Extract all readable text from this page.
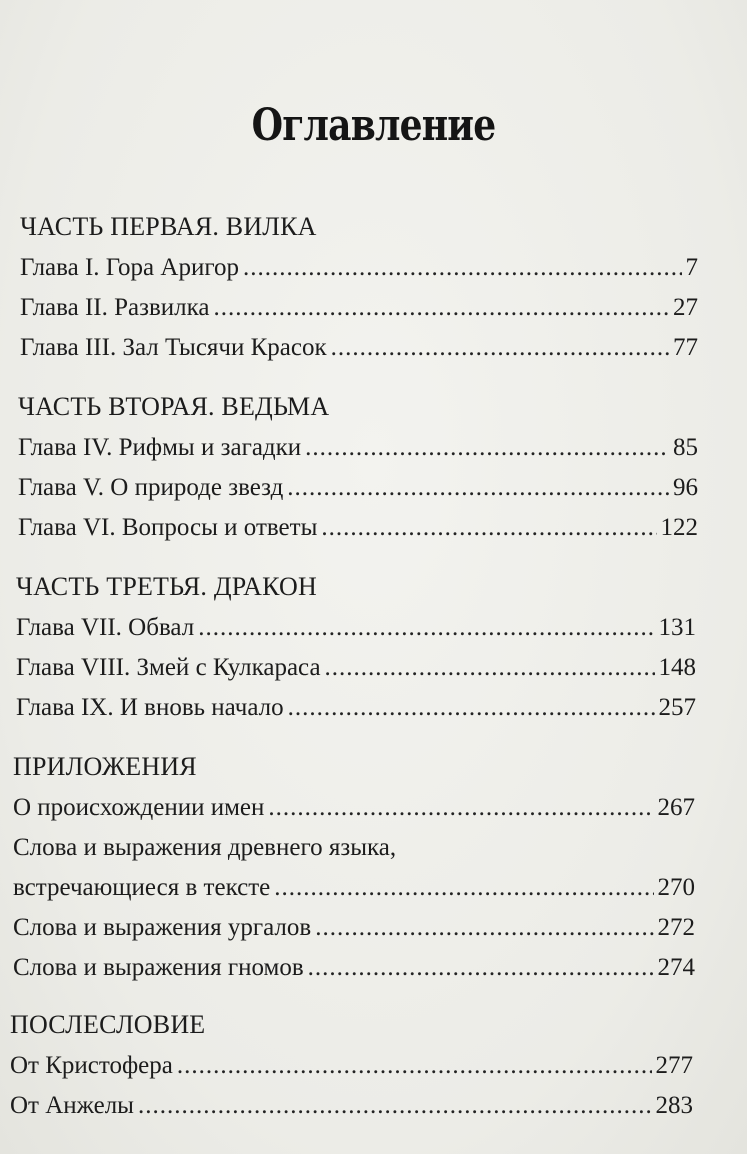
Оглавление
ЧАСТЬ ПЕРВАЯ. ВИЛКА
Глава I. Гора Аригор .....	7
Глава II. Развилка .....	27
Глава III. Зал Тысячи Красок .....	77
ЧАСТЬ ВТОРАЯ. ВЕДЬМА
Глава IV. Рифмы и загадки .....	85
Глава V. О природе звезд .....	96
Глава VI. Вопросы и ответы .....	122
ЧАСТЬ ТРЕТЬЯ. ДРАКОН
Глава VII. Обвал .....	131
Глава VIII. Змей с Кулкараса .....	148
Глава IX. И вновь начало .....	257
ПРИЛОЖЕНИЯ
О происхождении имен .....	267
Слова и выражения древнего языка,
встречающиеся в тексте .....	270
Слова и выражения ургалов .....	272
Слова и выражения гномов .....	274
ПОСЛЕСЛОВИЕ
От Кристофера .....	277
От Анжелы .....	283
